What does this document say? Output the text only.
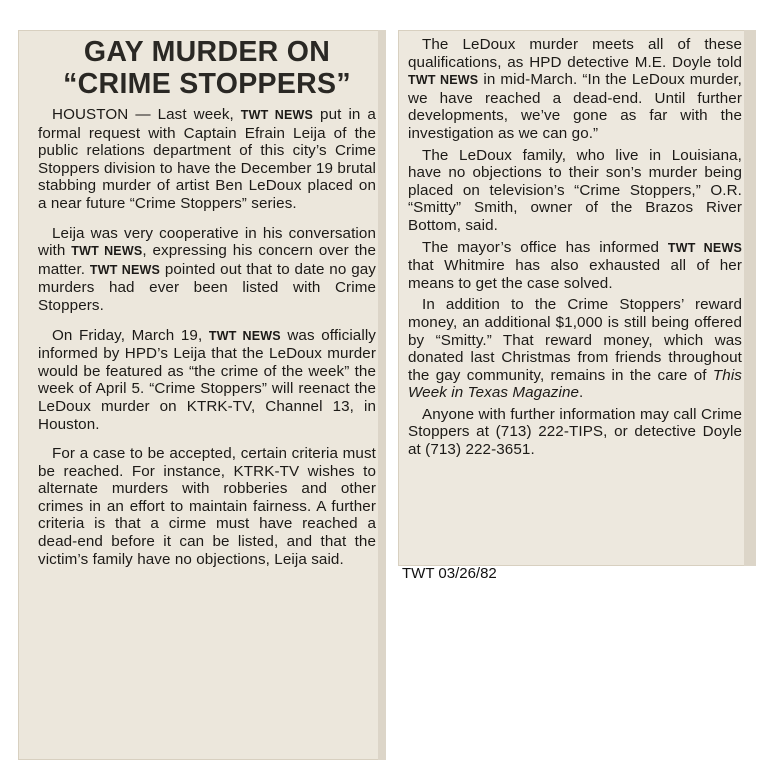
GAY MURDER ON
“CRIME STOPPERS”

HOUSTON — Last week, TWT NEWS put in a formal request with Captain Efrain Leija of the public relations department of this city’s Crime Stoppers division to have the December 19 brutal stabbing murder of artist Ben LeDoux placed on a near future “Crime Stoppers” series.

Leija was very cooperative in his conversation with TWT NEWS, expressing his concern over the matter. TWT NEWS pointed out that to date no gay murders had ever been listed with Crime Stoppers.

On Friday, March 19, TWT NEWS was officially informed by HPD’s Leija that the LeDoux murder would be featured as “the crime of the week” the week of April 5. “Crime Stoppers” will reenact the LeDoux murder on KTRK-TV, Channel 13, in Houston.

For a case to be accepted, certain criteria must be reached. For instance, KTRK-TV wishes to alternate murders with robberies and other crimes in an effort to maintain fairness. A further criteria is that a cirme must have reached a dead-end before it can be listed, and that the victim’s family have no objections, Leija said.

The LeDoux murder meets all of these qualifications, as HPD detective M.E. Doyle told TWT NEWS in mid-March. “In the LeDoux murder, we have reached a dead-end. Until further developments, we’ve gone as far with the investigation as we can go.”

The LeDoux family, who live in Louisiana, have no objections to their son’s murder being placed on television’s “Crime Stoppers,” O.R. “Smitty” Smith, owner of the Brazos River Bottom, said.

The mayor’s office has informed TWT NEWS that Whitmire has also exhausted all of her means to get the case solved.

In addition to the Crime Stoppers’ reward money, an additional $1,000 is still being offered by “Smitty.” That reward money, which was donated last Christmas from friends throughout the gay community, remains in the care of This Week in Texas Magazine.

Anyone with further information may call Crime Stoppers at (713) 222-TIPS, or detective Doyle at (713) 222-3651.

TWT 03/26/82
